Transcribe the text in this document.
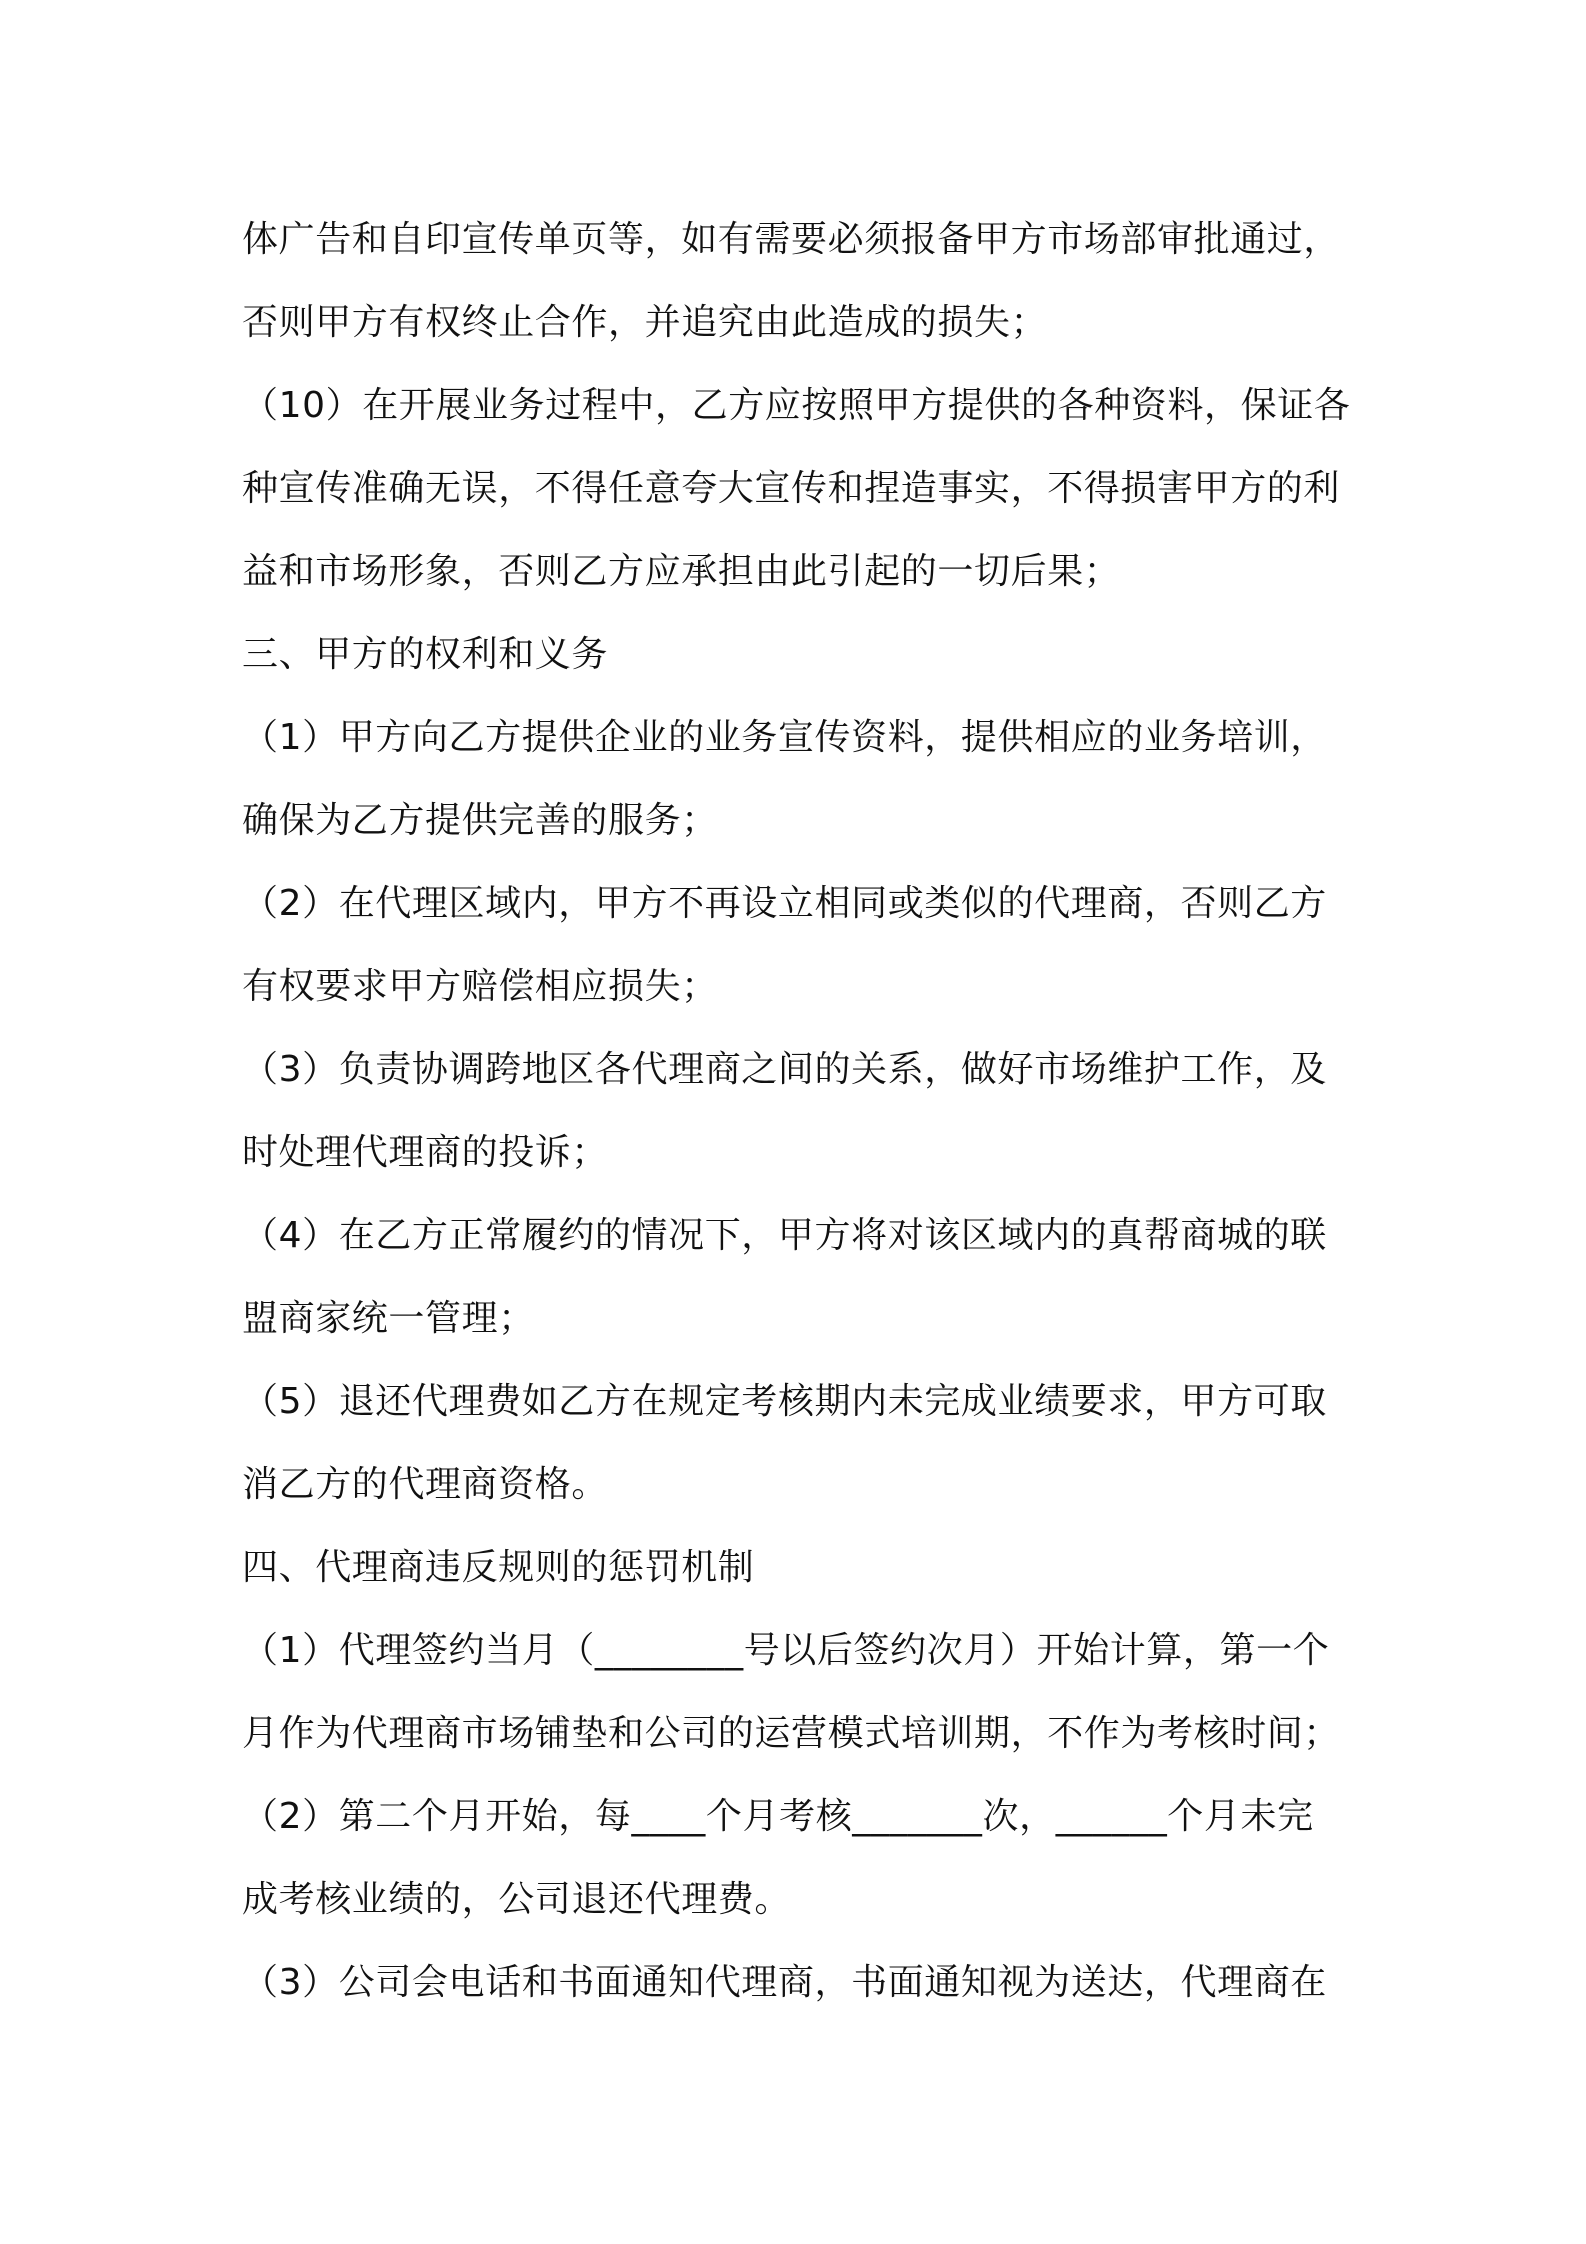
体广告和自印宣传单页等，如有需要必须报备甲方市场部审批通过，
否则甲方有权终止合作，并追究由此造成的损失；
（10）在开展业务过程中，乙方应按照甲方提供的各种资料，保证各
种宣传准确无误，不得任意夸大宣传和捏造事实，不得损害甲方的利
益和市场形象，否则乙方应承担由此引起的一切后果；
三、甲方的权利和义务
（1）甲方向乙方提供企业的业务宣传资料，提供相应的业务培训，
确保为乙方提供完善的服务；
（2）在代理区域内，甲方不再设立相同或类似的代理商，否则乙方
有权要求甲方赔偿相应损失；
（3）负责协调跨地区各代理商之间的关系，做好市场维护工作，及
时处理代理商的投诉；
（4）在乙方正常履约的情况下，甲方将对该区域内的真帮商城的联
盟商家统一管理；
（5）退还代理费如乙方在规定考核期内未完成业绩要求，甲方可取
消乙方的代理商资格。
四、代理商违反规则的惩罚机制
（1）代理签约当月（________号以后签约次月）开始计算，第一个
月作为代理商市场铺垫和公司的运营模式培训期，不作为考核时间；
（2）第二个月开始，每____个月考核_______次，______个月未完
成考核业绩的，公司退还代理费。
（3）公司会电话和书面通知代理商，书面通知视为送达，代理商在
